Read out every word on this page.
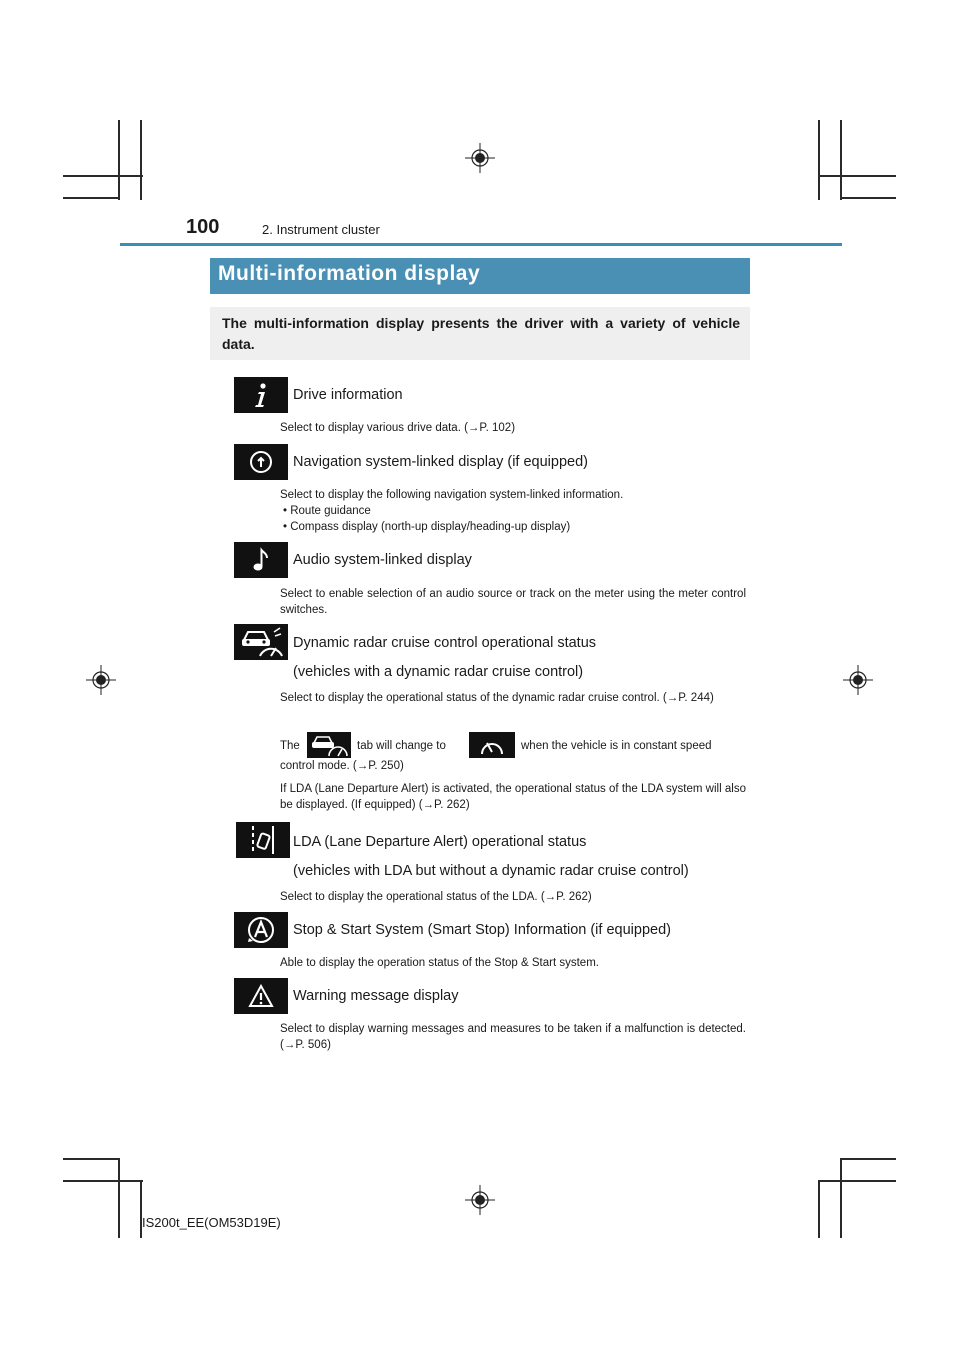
100	2. Instrument cluster
Multi-information display
The multi-information display presents the driver with a variety of vehicle data.
Drive information
Select to display various drive data. (→P. 102)
Navigation system-linked display (if equipped)
Select to display the following navigation system-linked information.
• Route guidance
• Compass display (north-up display/heading-up display)
Audio system-linked display
Select to enable selection of an audio source or track on the meter using the meter control switches.
Dynamic radar cruise control operational status
(vehicles with a dynamic radar cruise control)
Select to display the operational status of the dynamic radar cruise control. (→P. 244)
The	tab will change to	when the vehicle is in constant speed
control mode. (→P. 250)
If LDA (Lane Departure Alert) is activated, the operational status of the LDA system will also be displayed. (If equipped) (→P. 262)
LDA (Lane Departure Alert) operational status
(vehicles with LDA but without a dynamic radar cruise control)
Select to display the operational status of the LDA. (→P. 262)
Stop & Start System (Smart Stop) Information (if equipped)
Able to display the operation status of the Stop & Start system.
Warning message display
Select to display warning messages and measures to be taken if a malfunction is detected. (→P. 506)
IS200t_EE(OM53D19E)
